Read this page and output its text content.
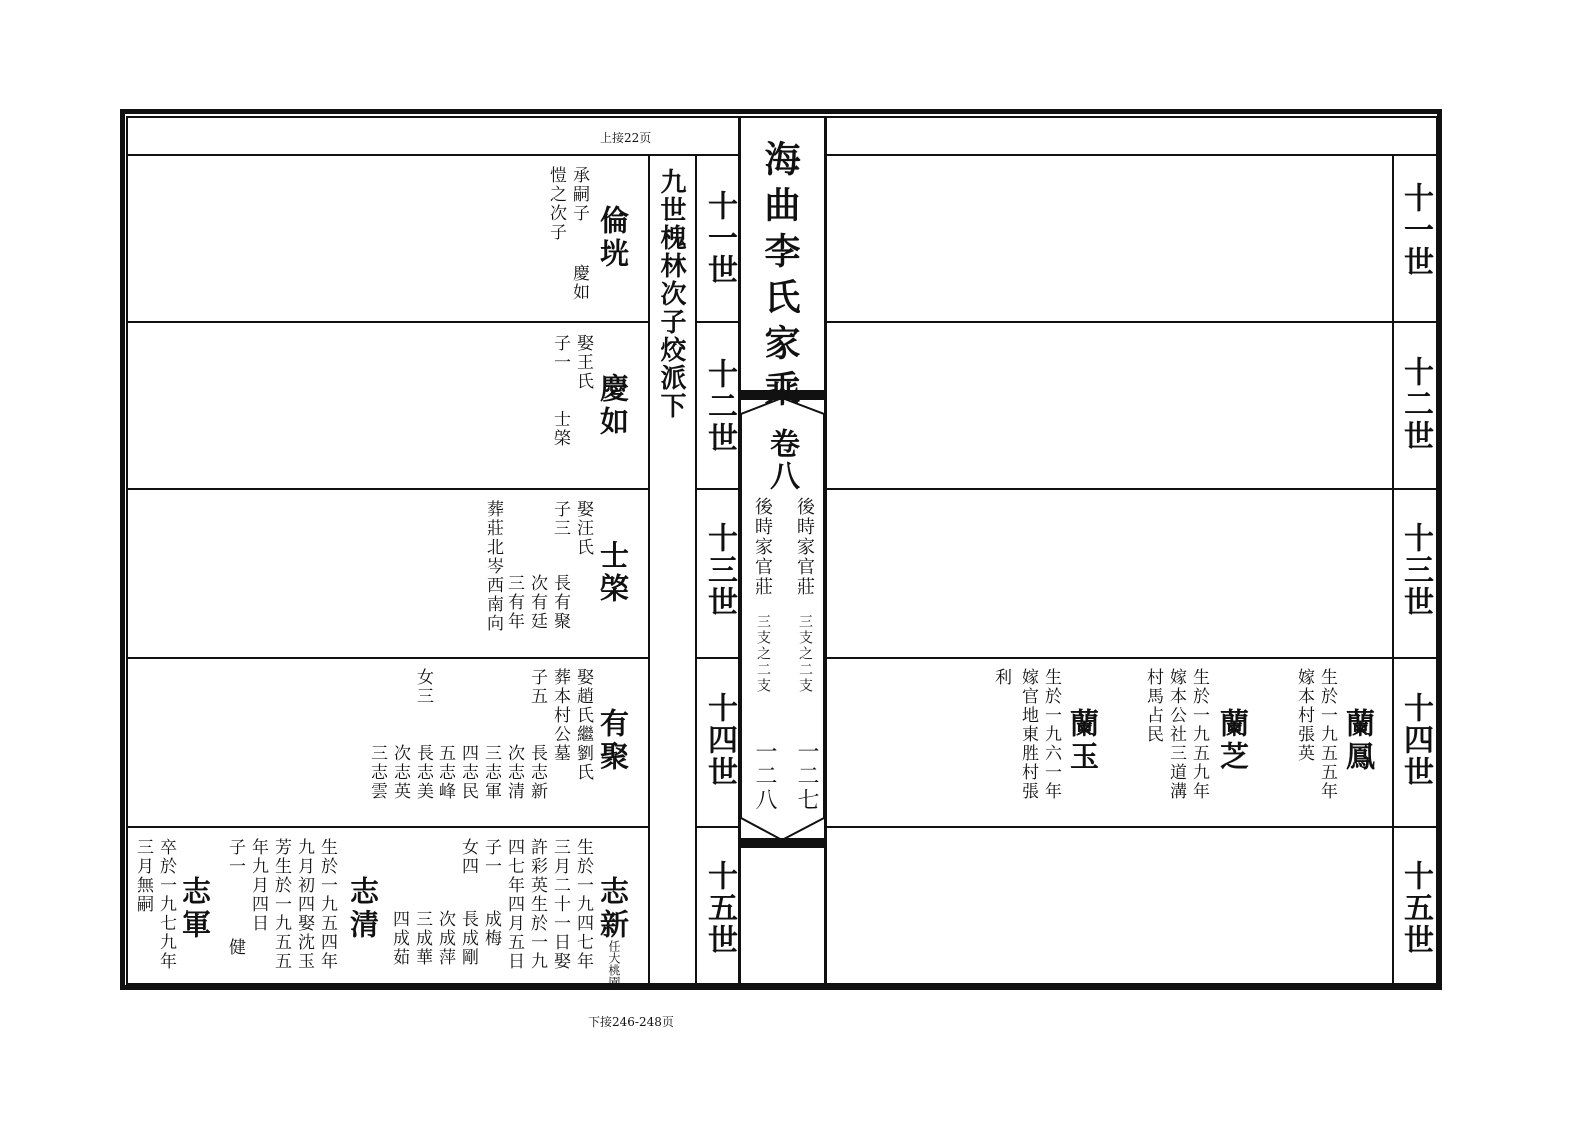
上接22页
下接246-248页
海曲李氏家乘
卷八
後時家官莊
三支之二支
一二七
後時家官莊
三支之二支
一二八
九世槐林次子烄派下 十一世
十二世
十三世
十四世
十五世
十一世
十二世
十三世
十四世
十五世
倫垙
承嗣子
愷之次子
慶如
慶如
娶王氏
子一
士棨
士棨
娶汪氏
子三
長有聚
次有廷
三有年
葬莊北岑西南向
有聚
娶趙氏繼劉氏
葬本村公墓
子五
長志新
次志清
三志軍
四志民
五志峰
女三
長志美
次志英
三志雲
志新
任大桃園
生於一九四七年
三月二十一日娶
許彩英生於一九
四七年四月五日
子一
女四
成梅
長成剛
次成萍
三成華
四成茹
志清
生於一九五四年
九月初四娶沈玉
芳生於一九五五
年九月四日
子一
健
志軍
卒於一九七九年
三月無嗣
蘭鳳
生於一九五五年
嫁本村張英
蘭芝
生於一九五九年
嫁本公社三道溝
村馬占民
蘭玉
生於一九六一年
嫁官地東胜村張
利
